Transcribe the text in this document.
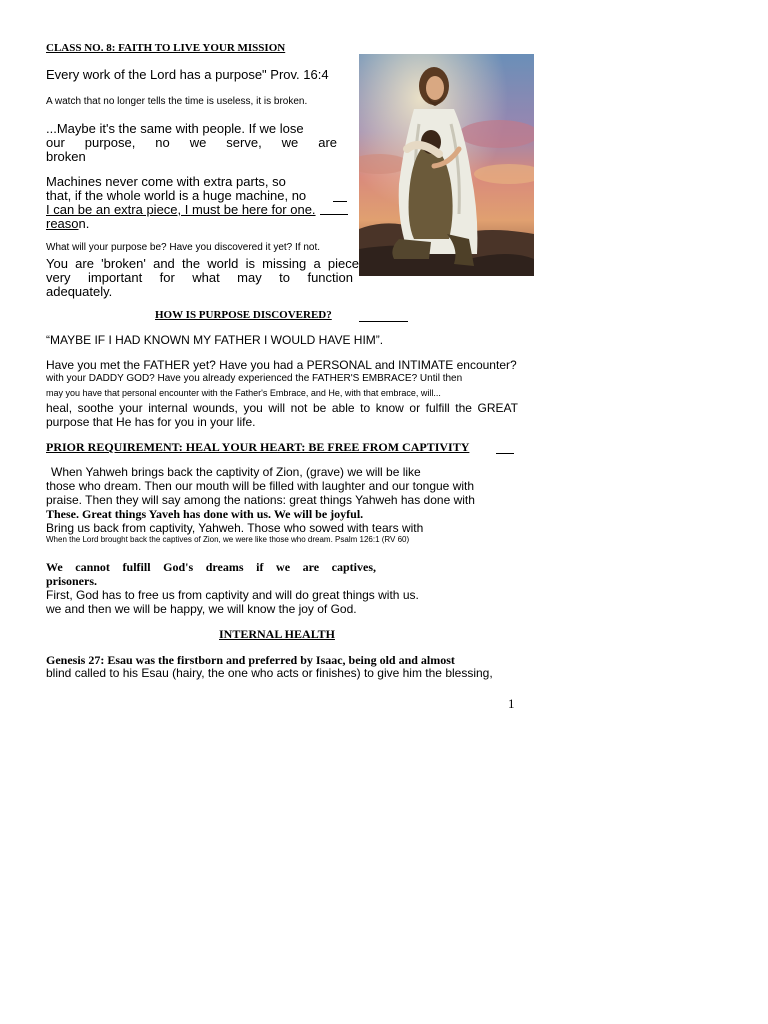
CLASS NO. 8: FAITH TO LIVE YOUR MISSION
Every work of the Lord has a purpose" Prov. 16:4
A watch that no longer tells the time is useless, it is broken.
...Maybe it's the same with people. If we lose
our purpose, no we serve, we are
broken
Machines never come with extra parts, so
that, if the whole world is a huge machine, no
I can be an extra piece, I must be here for one.
reason.
What will your purpose be? Have you discovered it yet? If not.
You are 'broken' and the world is missing a piece
very important for what may to function
adequately.
HOW IS PURPOSE DISCOVERED?
“MAYBE IF I HAD KNOWN MY FATHER I WOULD HAVE HIM”.
Have you met the FATHER yet? Have you had a PERSONAL and INTIMATE encounter?
with your DADDY GOD? Have you already experienced the FATHER'S EMBRACE? Until then
may you have that personal encounter with the Father's Embrace, and He, with that embrace, will...
heal, soothe your internal wounds, you will not be able to know or fulfill the GREAT
purpose that He has for you in your life.
PRIOR REQUIREMENT: HEAL YOUR HEART: BE FREE FROM CAPTIVITY
When Yahweh brings back the captivity of Zion, (grave) we will be like
those who dream. Then our mouth will be filled with laughter and our tongue with
praise. Then they will say among the nations: great things Yahweh has done with
These. Great things Yaveh has done with us. We will be joyful.
Bring us back from captivity, Yahweh. Those who sowed with tears with
When the Lord brought back the captives of Zion, we were like those who dream. Psalm 126:1 (RV 60)
We cannot fulfill God's dreams if we are captives,
prisoners.
First, God has to free us from captivity and will do great things with us.
we and then we will be happy, we will know the joy of God.
INTERNAL HEALTH
Genesis 27: Esau was the firstborn and preferred by Isaac, being old and almost
blind called to his Esau (hairy, the one who acts or finishes) to give him the blessing,
1
